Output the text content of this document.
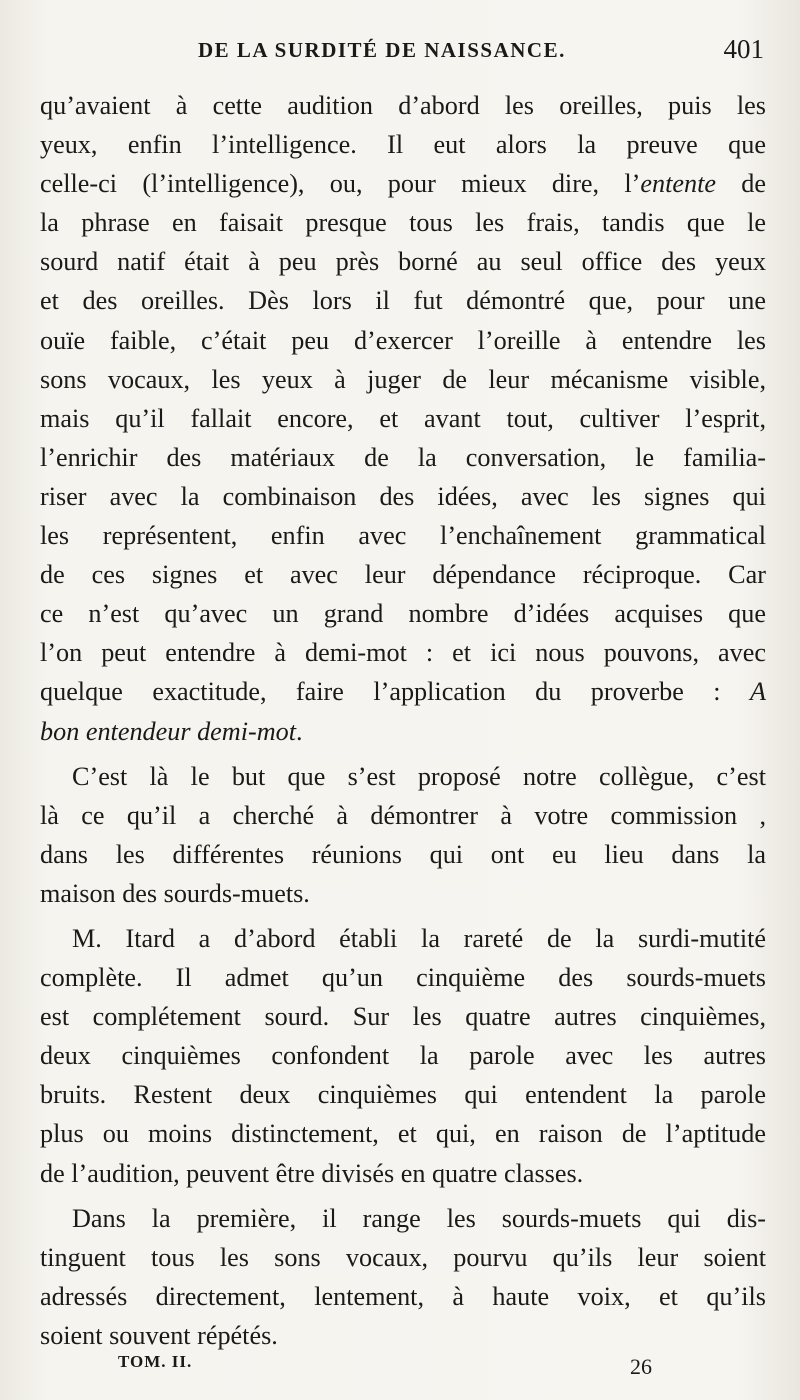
DE LA SURDITÉ DE NAISSANCE.	401
qu’avaient à cette audition d’abord les oreilles, puis les
yeux, enfin l’intelligence. Il eut alors la preuve que
celle-ci (l’intelligence), ou, pour mieux dire, l’entente de
la phrase en faisait presque tous les frais, tandis que le
sourd natif était à peu près borné au seul office des yeux
et des oreilles. Dès lors il fut démontré que, pour une
ouïe faible, c’était peu d’exercer l’oreille à entendre les
sons vocaux, les yeux à juger de leur mécanisme visible,
mais qu’il fallait encore, et avant tout, cultiver l’esprit,
l’enrichir des matériaux de la conversation, le familia-
riser avec la combinaison des idées, avec les signes qui
les représentent, enfin avec l’enchaînement grammatical
de ces signes et avec leur dépendance réciproque. Car
ce n’est qu’avec un grand nombre d’idées acquises que
l’on peut entendre à demi-mot : et ici nous pouvons, avec
quelque exactitude, faire l’application du proverbe : A
bon entendeur demi-mot.
C’est là le but que s’est proposé notre collègue, c’est
là ce qu’il a cherché à démontrer à votre commission ,
dans les différentes réunions qui ont eu lieu dans la
maison des sourds-muets.
M. Itard a d’abord établi la rareté de la surdi-mutité
complète. Il admet qu’un cinquième des sourds-muets
est complétement sourd. Sur les quatre autres cinquièmes,
deux cinquièmes confondent la parole avec les autres
bruits. Restent deux cinquièmes qui entendent la parole
plus ou moins distinctement, et qui, en raison de l’aptitude
de l’audition, peuvent être divisés en quatre classes.
Dans la première, il range les sourds-muets qui dis-
tinguent tous les sons vocaux, pourvu qu’ils leur soient
adressés directement, lentement, à haute voix, et qu’ils
soient souvent répétés.
TOM. II.	26
